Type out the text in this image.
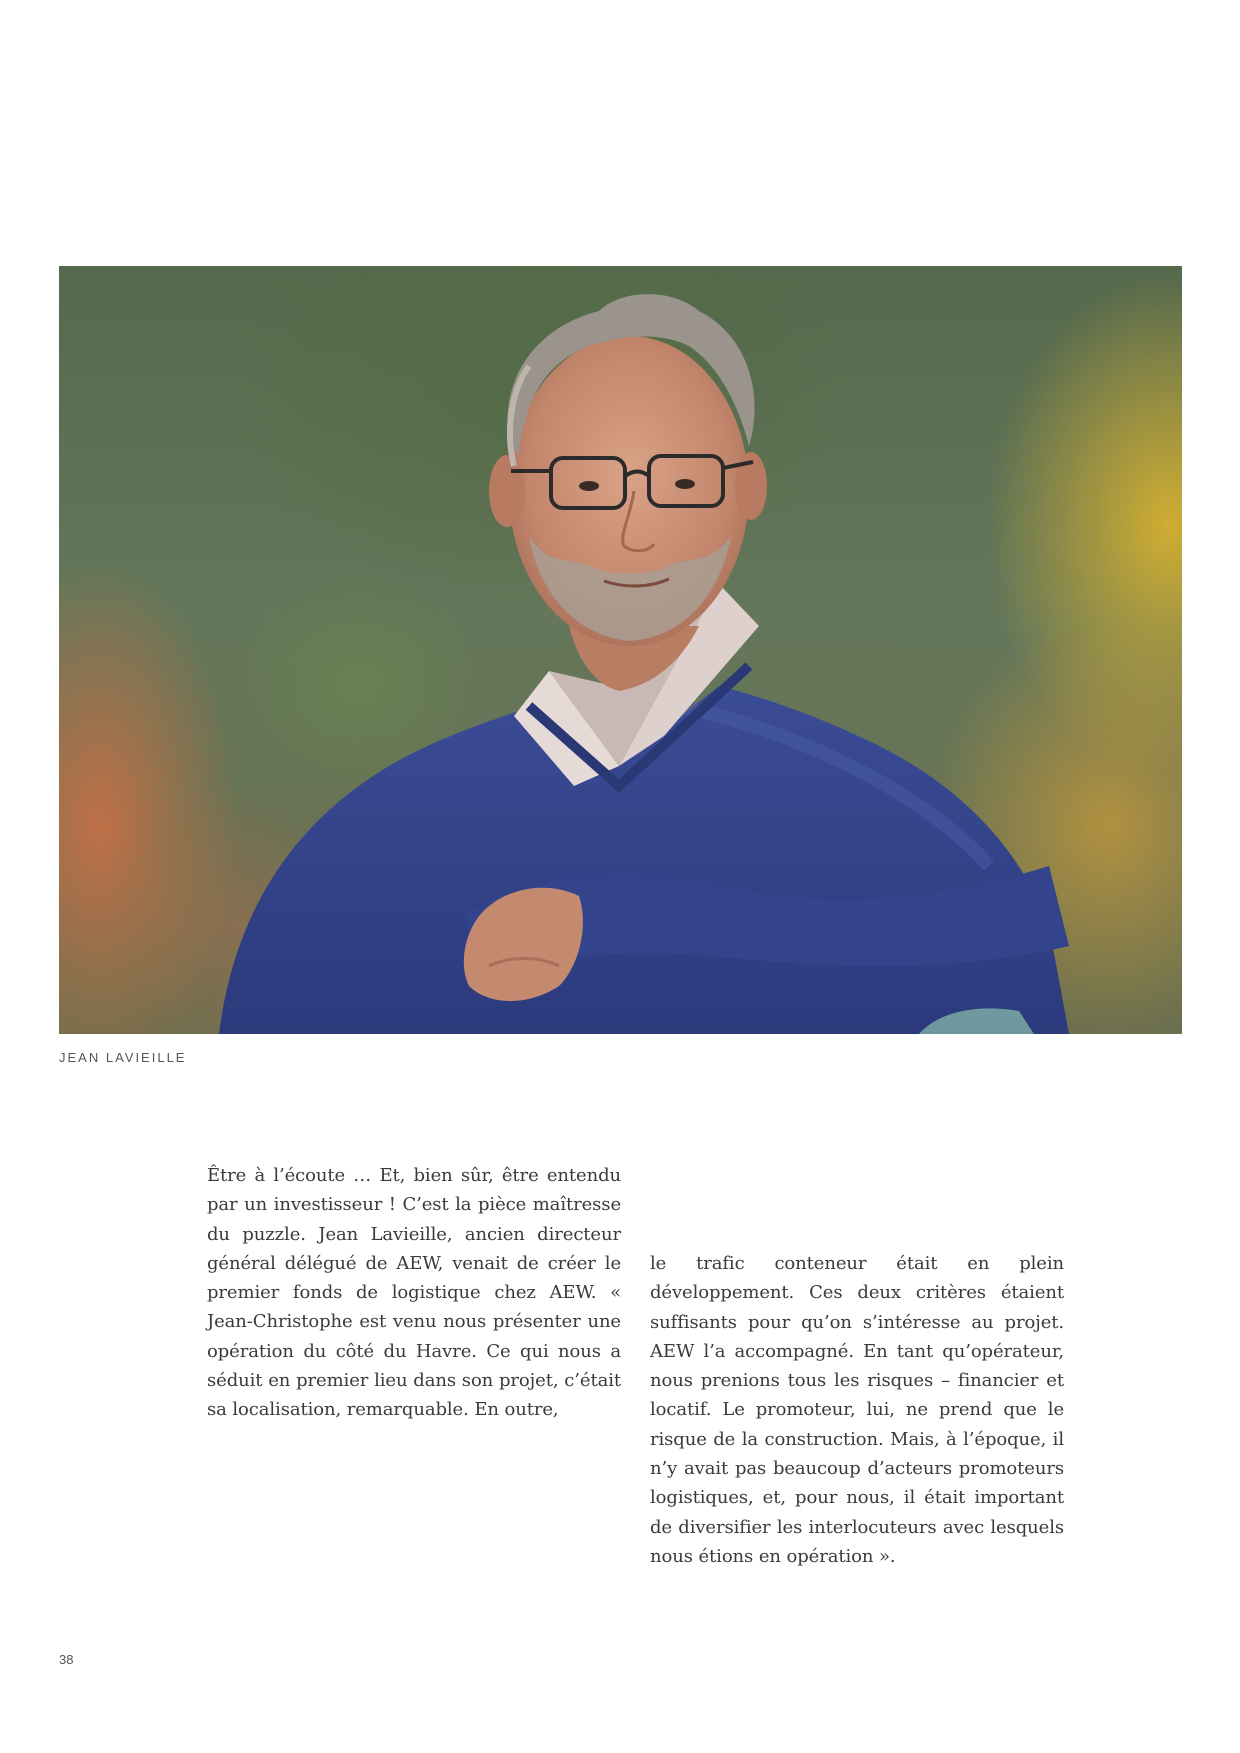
JEAN LAVIEILLE

Être à l’écoute … Et, bien sûr, être entendu par un investisseur ! C’est la pièce maîtresse du puzzle. Jean Lavieille, ancien directeur général délégué de AEW, venait de créer le premier fonds de logistique chez AEW. « Jean-Christophe est venu nous présenter une opération du côté du Havre. Ce qui nous a séduit en premier lieu dans son projet, c’était sa localisation, remarquable. En outre,

le trafic conteneur était en plein développement. Ces deux critères étaient suffisants pour qu’on s’intéresse au projet. AEW l’a accompagné. En tant qu’opérateur, nous prenions tous les risques – financier et locatif. Le promoteur, lui, ne prend que le risque de la construction. Mais, à l’époque, il n’y avait pas beaucoup d’acteurs promoteurs logistiques, et, pour nous, il était important de diversifier les interlocuteurs avec lesquels nous étions en opération ».

38
